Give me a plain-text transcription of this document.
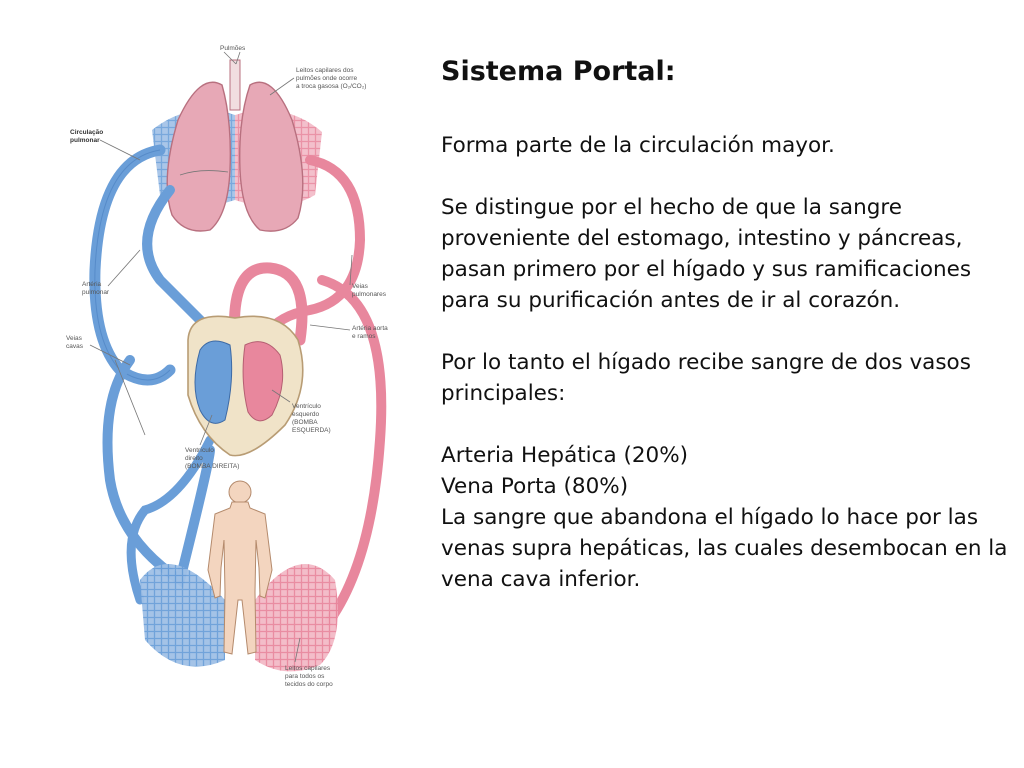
Pulmões
Leitos capilares dos pulmões onde ocorre a troca gasosa (O₂/CO₂)
Circulação pulmonar
Artéria pulmonar
Veias pulmonares
Artéria aorta e ramos
Veias cavas
Ventrículo esquerdo (BOMBA ESQUERDA)
Ventrículo direito (BOMBA DIREITA)
Leitos capilares para todos os tecidos do corpo
Sistema Portal:

Forma parte de la circulación mayor.

Se distingue por el hecho de que la sangre proveniente del estomago, intestino y páncreas, pasan primero por el hígado y sus ramificaciones para su purificación antes de ir al corazón.

Por lo tanto el hígado recibe sangre de dos vasos principales:

Arteria Hepática (20%)

Vena Porta (80%)

La sangre que abandona el hígado lo hace por las venas supra hepáticas, las cuales desembocan en la vena cava inferior.
